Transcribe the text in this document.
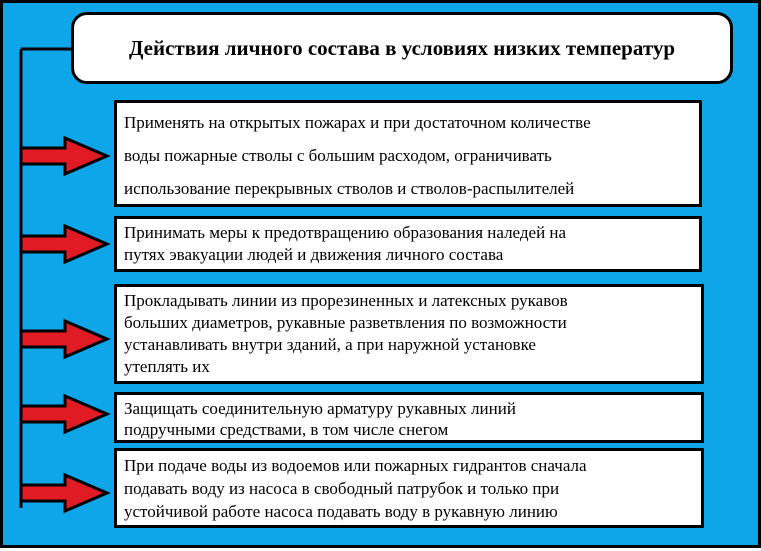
Действия личного состава в условиях низких температур
Применять на открытых пожарах и при достаточном количестве
воды пожарные стволы с большим расходом, ограничивать
использование перекрывных стволов и стволов-распылителей
Принимать меры к предотвращению образования наледей на
путях эвакуации людей и движения личного состава
Прокладывать линии из прорезиненных и латексных рукавов
больших диаметров, рукавные разветвления по возможности
устанавливать внутри зданий, а при наружной установке
утеплять их
Защищать соединительную арматуру рукавных линий
подручными средствами, в том числе снегом
При подаче воды из водоемов или пожарных гидрантов сначала
подавать воду из насоса в свободный патрубок и только при
устойчивой работе насоса подавать воду в рукавную линию
